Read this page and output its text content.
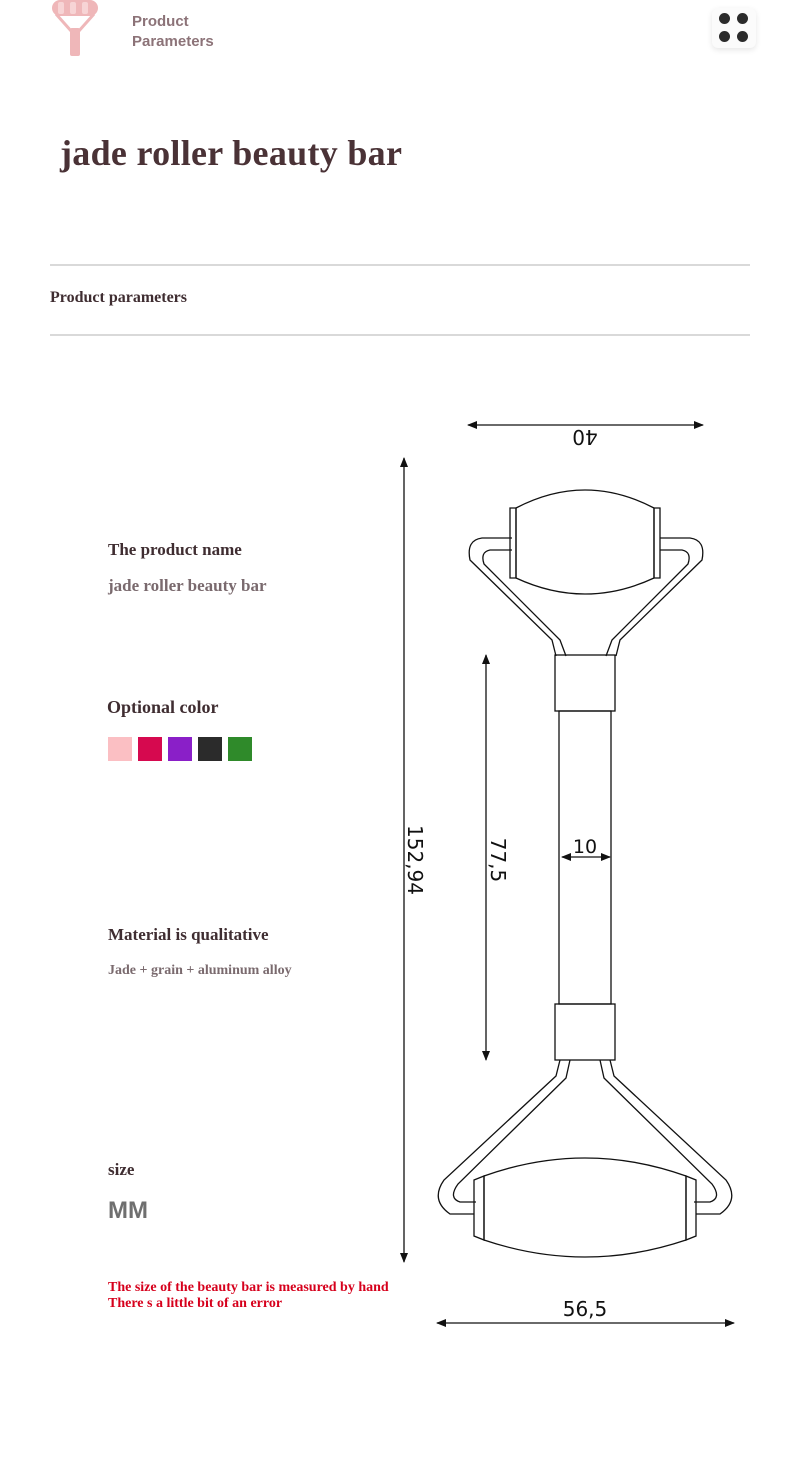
Product
Parameters
jade roller beauty bar
Product parameters
The product name
jade roller beauty bar
Optional color
Material is qualitative
Jade + grain + aluminum alloy
size
MM
The size of the beauty bar is measured by hand
There s a little bit of an error
40
152,94	77,5	10
56,5
